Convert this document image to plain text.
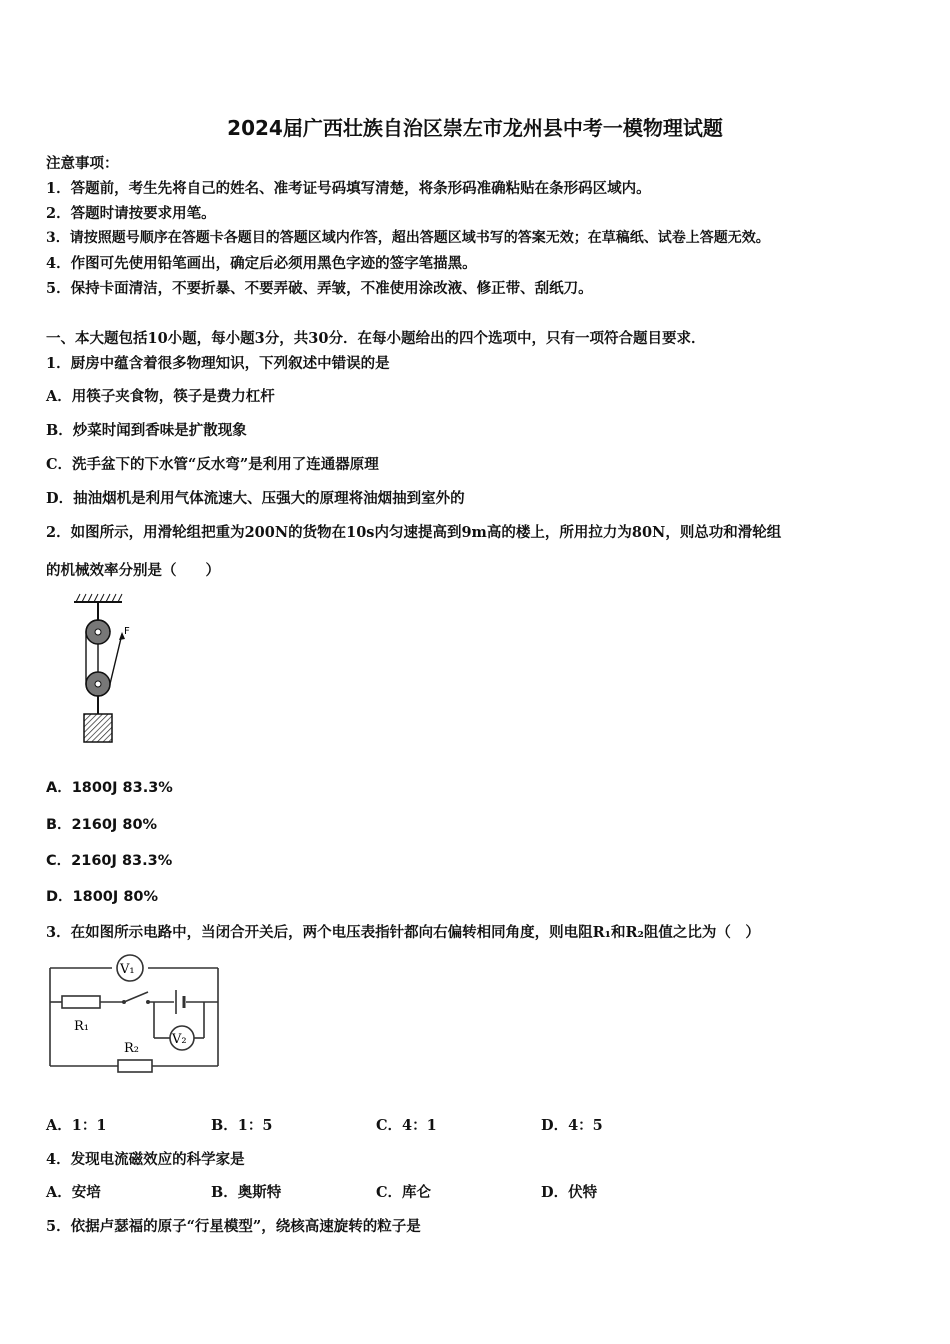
2024届广西壮族自治区崇左市龙州县中考一模物理试题
注意事项：
1．答题前，考生先将自己的姓名、准考证号码填写清楚，将条形码准确粘贴在条形码区域内。
2．答题时请按要求用笔。
3．请按照题号顺序在答题卡各题目的答题区域内作答，超出答题区域书写的答案无效；在草稿纸、试卷上答题无效。
4．作图可先使用铅笔画出，确定后必须用黑色字迹的签字笔描黑。
5．保持卡面清洁，不要折暴、不要弄破、弄皱，不准使用涂改液、修正带、刮纸刀。
一、本大题包括10小题，每小题3分，共30分．在每小题给出的四个选项中，只有一项符合题目要求．
1．厨房中蕴含着很多物理知识，下列叙述中错误的是
A．用筷子夹食物，筷子是费力杠杆
B．炒菜时闻到香味是扩散现象
C．洗手盆下的下水管“反水弯”是利用了连通器原理
D．抽油烟机是利用气体流速大、压强大的原理将油烟抽到室外的
2．如图所示，用滑轮组把重为200N的货物在10s内匀速提高到9m高的楼上，所用拉力为80N，则总功和滑轮组
的机械效率分别是（　　）
F
A．1800J 83.3%
B．2160J 80%
C．2160J 83.3%
D．1800J 80%
3．在如图所示电路中，当闭合开关后，两个电压表指针都向右偏转相同角度，则电阻R₁和R₂阻值之比为（　）
V₁
V₂
R₁
R₂
A．1：1	B．1：5	C．4：1	D．4：5
4．发现电流磁效应的科学家是
A．安培	B．奥斯特	C．库仑	D．伏特
5．依据卢瑟福的原子“行星模型”，绕核高速旋转的粒子是
